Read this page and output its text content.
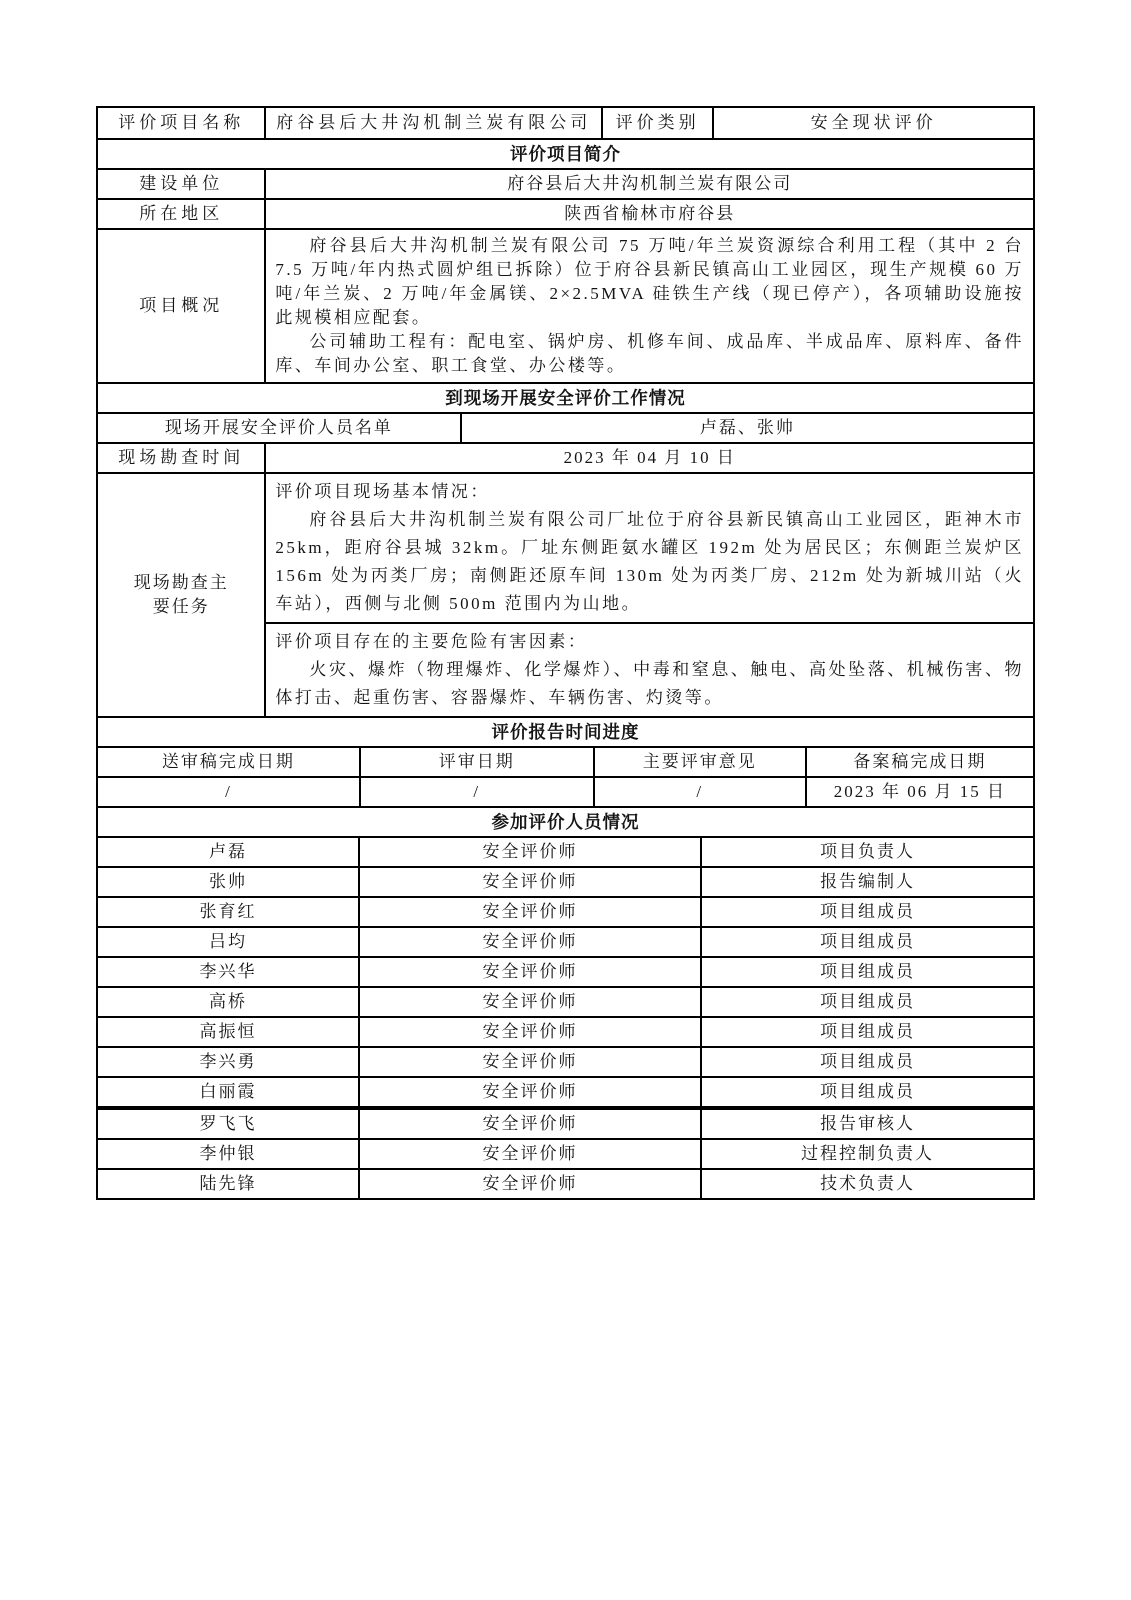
评价项目名称	府谷县后大井沟机制兰炭有限公司	评价类别	安全现状评价
评价项目简介
建设单位	府谷县后大井沟机制兰炭有限公司
所在地区	陕西省榆林市府谷县
项目概况

府谷县后大井沟机制兰炭有限公司 75 万吨/年兰炭资源综合利用工程（其中 2 台 7.5 万吨/年内热式圆炉组已拆除）位于府谷县新民镇高山工业园区，现生产规模 60 万吨/年兰炭、2 万吨/年金属镁、2×2.5MVA 硅铁生产线（现已停产），各项辅助设施按此规模相应配套。

公司辅助工程有：配电室、锅炉房、机修车间、成品库、半成品库、原料库、备件库、车间办公室、职工食堂、办公楼等。

到现场开展安全评价工作情况
现场开展安全评价人员名单	卢磊、张帅
现场勘查时间	2023 年 04 月 10 日
现场勘查主要任务

评价项目现场基本情况：

府谷县后大井沟机制兰炭有限公司厂址位于府谷县新民镇高山工业园区，距神木市 25km，距府谷县城 32km。厂址东侧距氨水罐区 192m 处为居民区；东侧距兰炭炉区 156m 处为丙类厂房；南侧距还原车间 130m 处为丙类厂房、212m 处为新城川站（火车站），西侧与北侧 500m 范围内为山地。

评价项目存在的主要危险有害因素：

火灾、爆炸（物理爆炸、化学爆炸）、中毒和窒息、触电、高处坠落、机械伤害、物体打击、起重伤害、容器爆炸、车辆伤害、灼烫等。

评价报告时间进度
送审稿完成日期	评审日期	主要评审意见	备案稿完成日期
/	/	/	2023 年 06 月 15 日
参加评价人员情况
卢磊	安全评价师	项目负责人
张帅	安全评价师	报告编制人
张育红	安全评价师	项目组成员
吕均	安全评价师	项目组成员
李兴华	安全评价师	项目组成员
高桥	安全评价师	项目组成员
高振恒	安全评价师	项目组成员
李兴勇	安全评价师	项目组成员
白丽霞	安全评价师	项目组成员
罗飞飞	安全评价师	报告审核人
李仲银	安全评价师	过程控制负责人
陆先锋	安全评价师	技术负责人
